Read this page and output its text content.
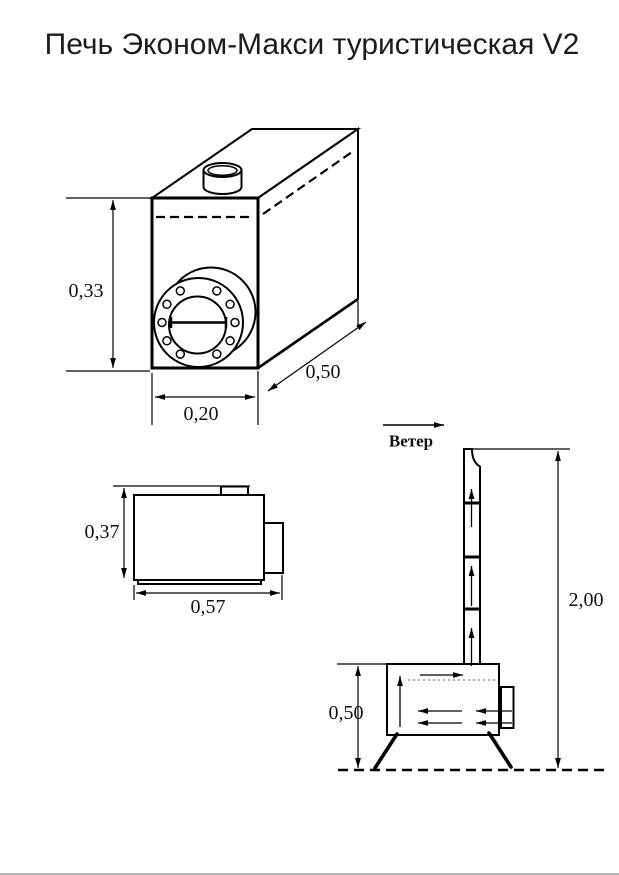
Печь Эконом-Макси туристическая V2
0,33
0,20
0,50
0,37
0,57
Ветер
0,50
2,00
